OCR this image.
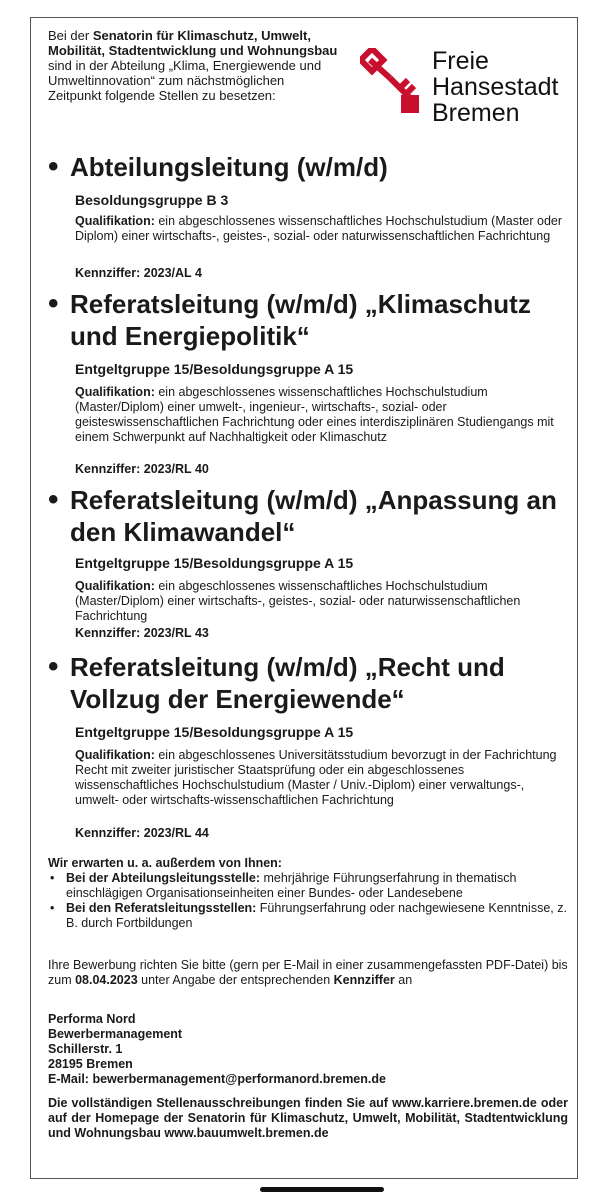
Bei der Senatorin für Klimaschutz, Umwelt, Mobilität, Stadtentwicklung und Wohnungsbau sind in der Abteilung „Klima, Energiewende und Umweltinnovation“ zum nächstmöglichen Zeitpunkt folgende Stellen zu besetzen:
Freie
Hansestadt
Bremen
• Abteilungsleitung (w/m/d)
Besoldungsgruppe B 3
Qualifikation: ein abgeschlossenes wissenschaftliches Hochschulstudium (Master oder Diplom) einer wirtschafts-, geistes-, sozial- oder naturwissenschaftlichen Fachrichtung
Kennziffer: 2023/AL 4
• Referatsleitung (w/m/d) „Klimaschutz und Energiepolitik“
Entgeltgruppe 15/Besoldungsgruppe A 15
Qualifikation: ein abgeschlossenes wissenschaftliches Hochschulstudium (Master/Diplom) einer umwelt-, ingenieur-, wirtschafts-, sozial- oder geisteswissenschaftlichen Fachrichtung oder eines interdisziplinären Studiengangs mit einem Schwerpunkt auf Nachhaltigkeit oder Klimaschutz
Kennziffer: 2023/RL 40
• Referatsleitung (w/m/d) „Anpassung an den Klimawandel“
Entgeltgruppe 15/Besoldungsgruppe A 15
Qualifikation: ein abgeschlossenes wissenschaftliches Hochschulstudium (Master/Diplom) einer wirtschafts-, geistes-, sozial- oder naturwissenschaftlichen Fachrichtung
Kennziffer: 2023/RL 43
• Referatsleitung (w/m/d) „Recht und Vollzug der Energiewende“
Entgeltgruppe 15/Besoldungsgruppe A 15
Qualifikation: ein abgeschlossenes Universitätsstudium bevorzugt in der Fachrichtung Recht mit zweiter juristischer Staatsprüfung oder ein abgeschlossenes wissenschaftliches Hochschulstudium (Master / Univ.-Diplom) einer verwaltungs-, umwelt- oder wirtschafts-wissenschaftlichen Fachrichtung
Kennziffer: 2023/RL 44
Wir erwarten u. a. außerdem von Ihnen:
• Bei der Abteilungsleitungsstelle: mehrjährige Führungserfahrung in thematisch einschlägigen Organisationseinheiten einer Bundes- oder Landesebene
• Bei den Referatsleitungsstellen: Führungserfahrung oder nachgewiesene Kenntnisse, z. B. durch Fortbildungen
Ihre Bewerbung richten Sie bitte (gern per E-Mail in einer zusammengefassten PDF-Datei) bis zum 08.04.2023 unter Angabe der entsprechenden Kennziffer an
Performa Nord
Bewerbermanagement
Schillerstr. 1
28195 Bremen
E-Mail: bewerbermanagement@performanord.bremen.de
Die vollständigen Stellenausschreibungen finden Sie auf www.karriere.bremen.de oder auf der Homepage der Senatorin für Klimaschutz, Umwelt, Mobilität, Stadtentwicklung und Wohnungsbau www.bauumwelt.bremen.de
